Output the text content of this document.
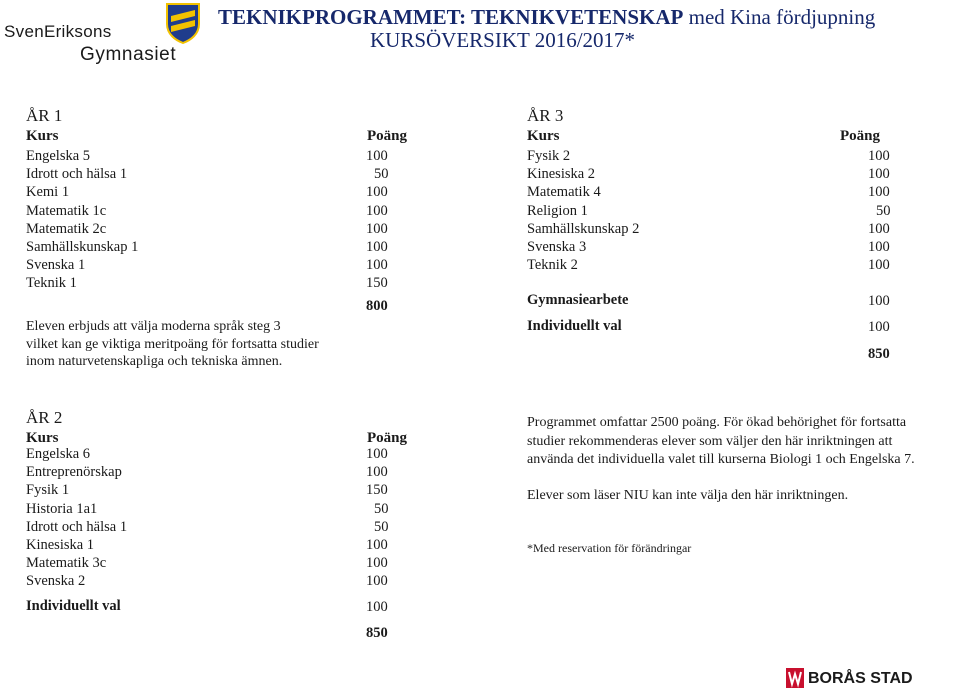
SvenEriksons
Gymnasiet
TEKNIKPROGRAMMET: TEKNIKVETENSKAP med Kina fördjupning
KURSÖVERSIKT 2016/2017*
ÅR 1
Kurs	Poäng
Engelska 5	100
Idrott och hälsa 1	50
Kemi 1	100
Matematik 1c	100
Matematik 2c	100
Samhällskunskap 1	100
Svenska 1	100
Teknik 1	150
800
Eleven erbjuds att välja moderna språk steg 3
vilket kan ge viktiga meritpoäng för fortsatta studier
inom naturvetenskapliga och tekniska ämnen.
ÅR 3
Kurs	Poäng
Fysik 2	100
Kinesiska 2	100
Matematik 4	100
Religion 1	50
Samhällskunskap 2	100
Svenska 3	100
Teknik 2	100
Gymnasiearbete	100
Individuellt val	100
850
ÅR 2
Kurs	Poäng
Engelska 6	100
Entreprenörskap	100
Fysik 1	150
Historia 1a1	50
Idrott och hälsa 1	50
Kinesiska 1	100
Matematik 3c	100
Svenska 2	100
Individuellt val	100
850
Programmet omfattar 2500 poäng. För ökad behörighet för fortsatta
studier rekommenderas elever som väljer den här inriktningen att
använda det individuella valet till kurserna Biologi 1 och Engelska 7.
Elever som läser NIU kan inte välja den här inriktningen.
*Med reservation för förändringar
BORÅS STAD
